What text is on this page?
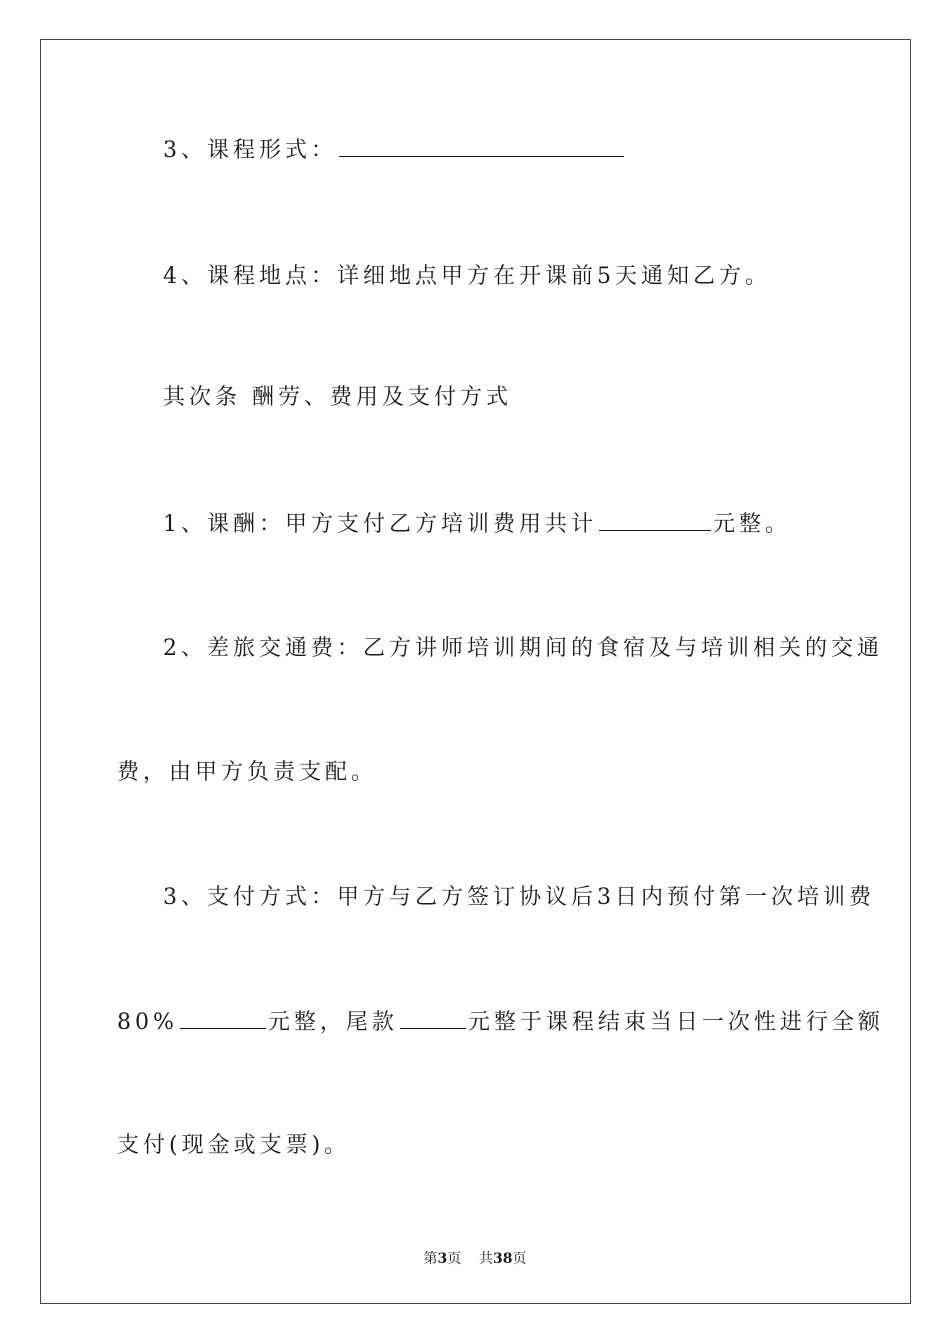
3、课程形式：
4、课程地点：详细地点甲方在开课前5天通知乙方。
其次条 酬劳、费用及支付方式
1、课酬：甲方支付乙方培训费用共计	元整。
2、差旅交通费：乙方讲师培训期间的食宿及与培训相关的交通
费，由甲方负责支配。
3、支付方式：甲方与乙方签订协议后3日内预付第一次培训费
80%	元整，尾款	元整于课程结束当日一次性进行全额
支付(现金或支票)。
第3页 共38页
